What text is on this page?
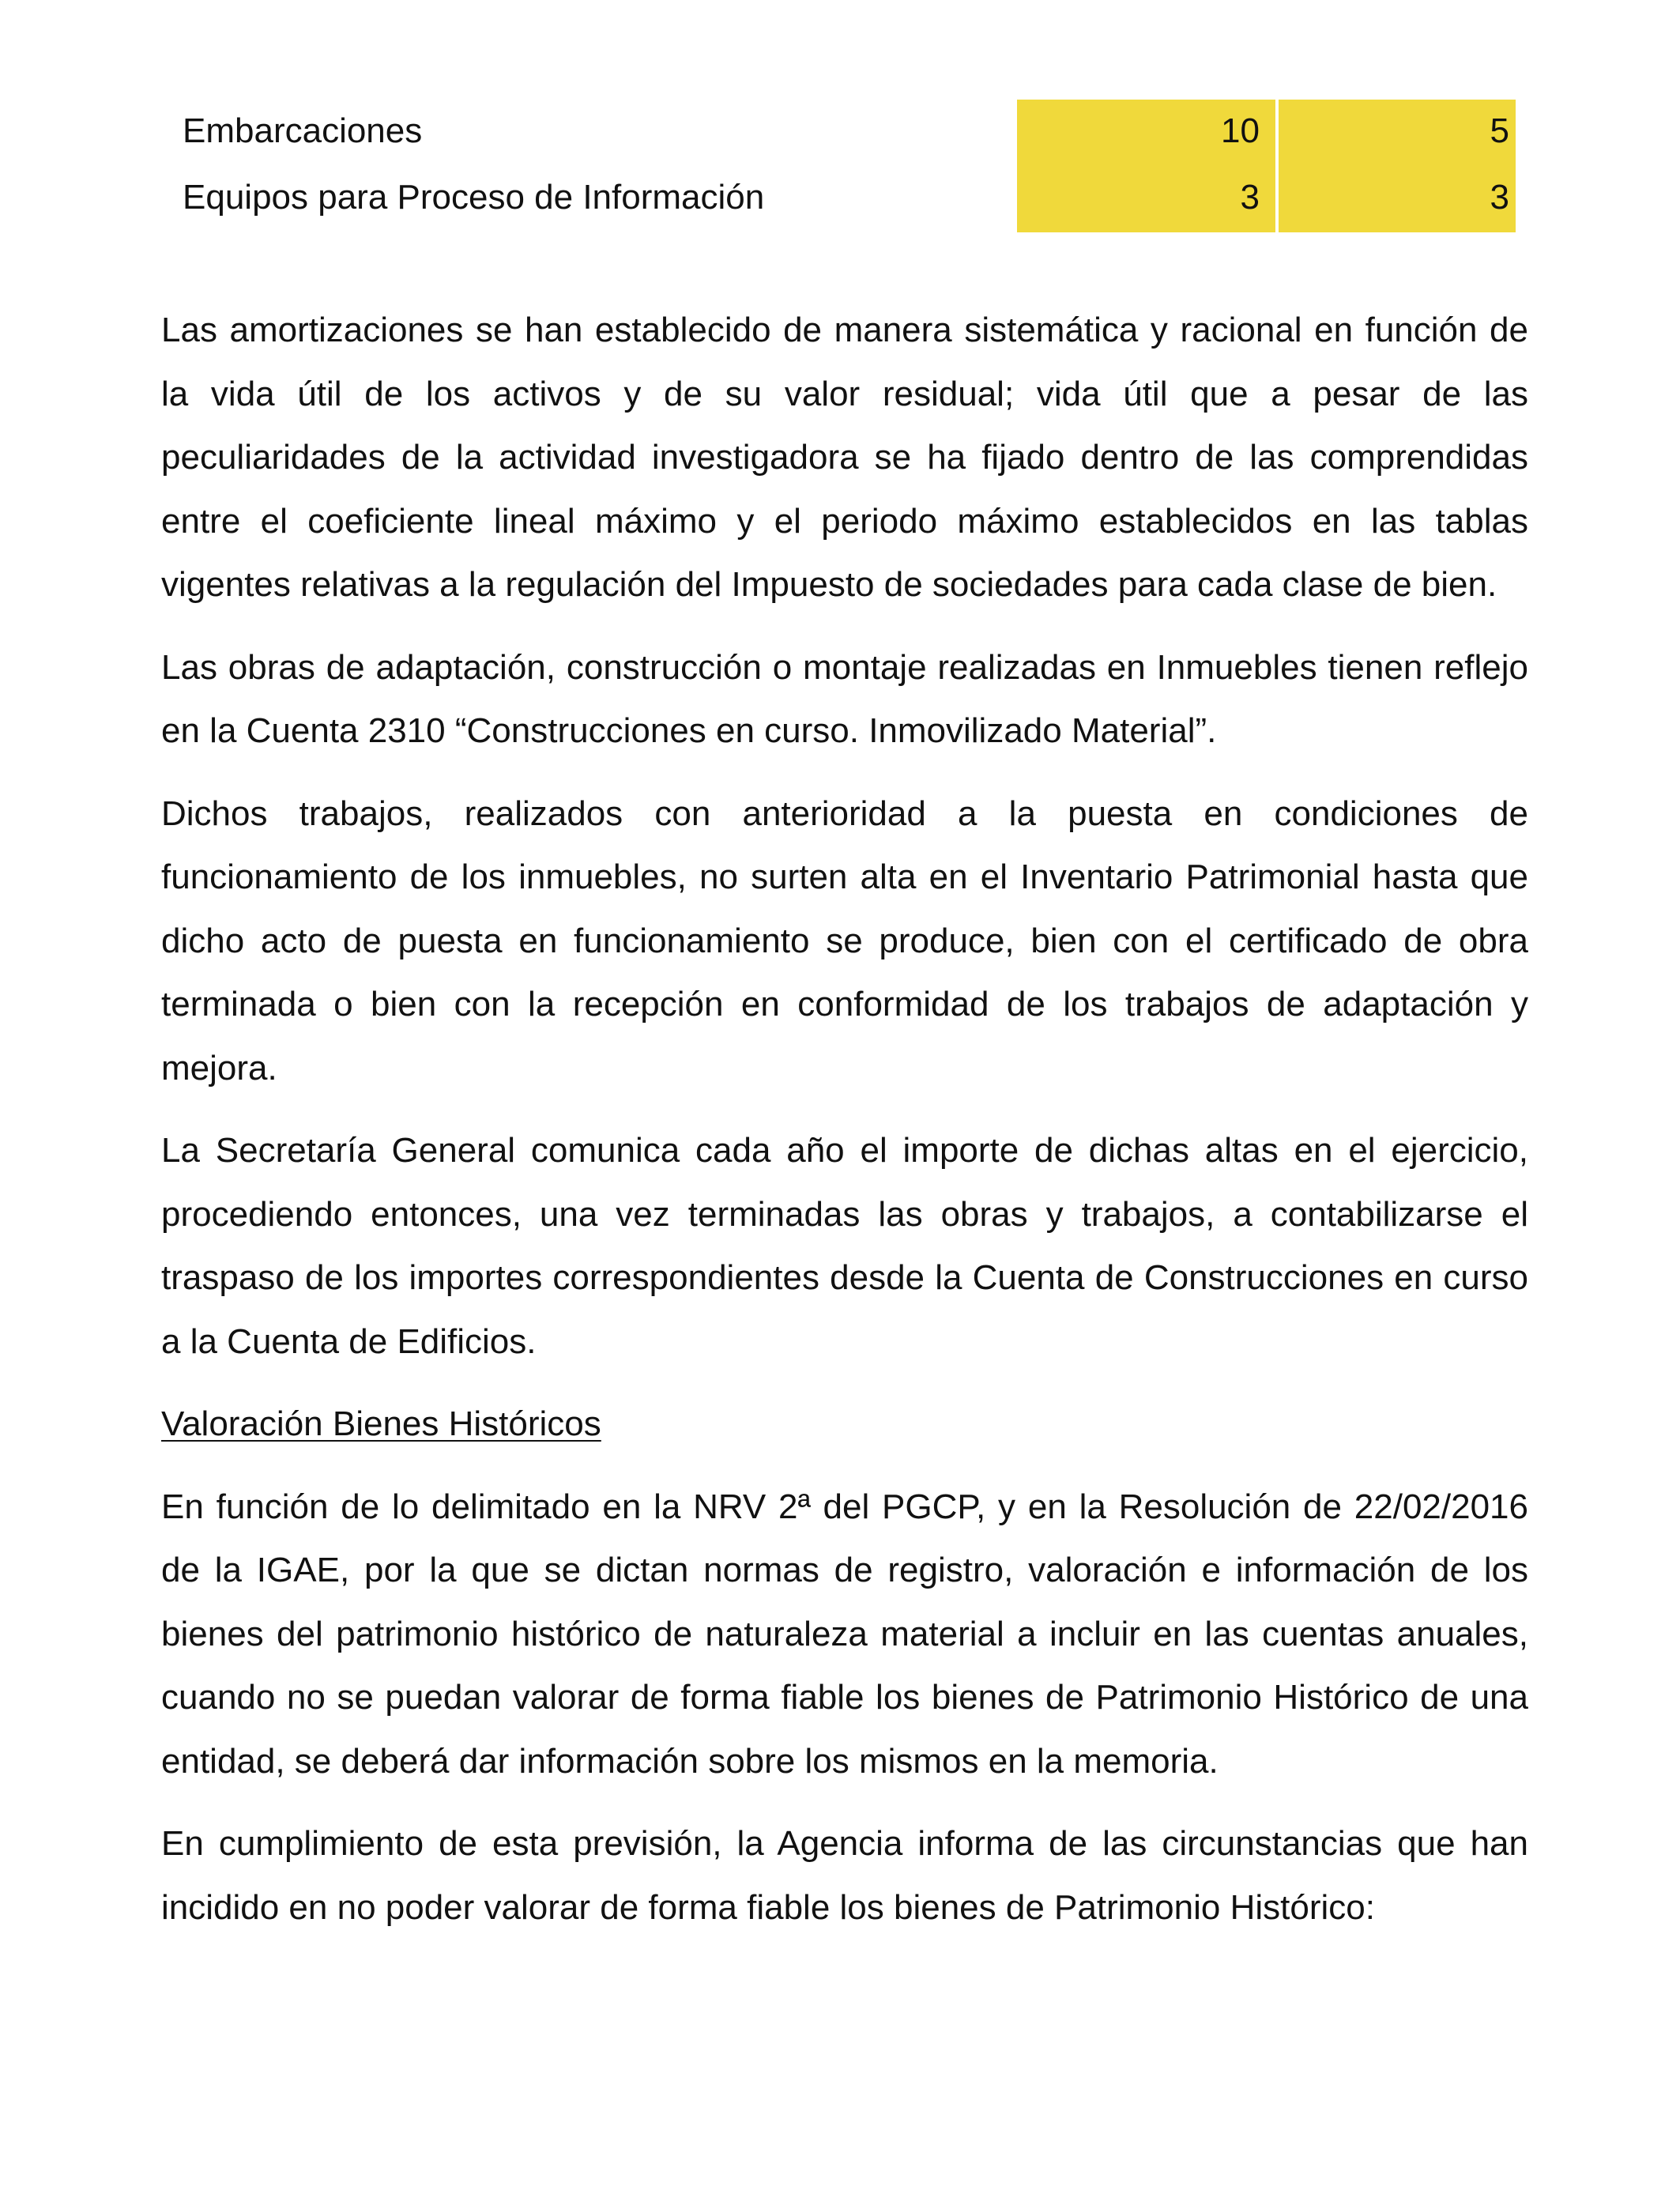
Embarcaciones	10	5
Equipos para Proceso de Información	3	3

Las amortizaciones se han establecido de manera sistemática y racional en función de la vida útil de los activos y de su valor residual; vida útil que a pesar de las peculiaridades de la actividad investigadora se ha fijado dentro de las comprendidas entre el coeficiente lineal máximo y el periodo máximo establecidos en las tablas vigentes relativas a la regulación del Impuesto de sociedades para cada clase de bien.

Las obras de adaptación, construcción o montaje realizadas en Inmuebles tienen reflejo en la Cuenta 2310 “Construcciones en curso. Inmovilizado Material”.

Dichos trabajos, realizados con anterioridad a la puesta en condiciones de funcionamiento de los inmuebles, no surten alta en el Inventario Patrimonial hasta que dicho acto de puesta en funcionamiento se produce, bien con el certificado de obra terminada o bien con la recepción en conformidad de los trabajos de adaptación y mejora.

La Secretaría General comunica cada año el importe de dichas altas en el ejercicio, procediendo entonces, una vez terminadas las obras y trabajos, a contabilizarse el traspaso de los importes correspondientes desde la Cuenta de Construcciones en curso a la Cuenta de Edificios.

Valoración Bienes Históricos

En función de lo delimitado en la NRV 2ª del PGCP, y en la Resolución de 22/02/2016 de la IGAE, por la que se dictan normas de registro, valoración e información de los bienes del patrimonio histórico de naturaleza material a incluir en las cuentas anuales, cuando no se puedan valorar de forma fiable los bienes de Patrimonio Histórico de una entidad, se deberá dar información sobre los mismos en la memoria.

En cumplimiento de esta previsión, la Agencia informa de las circunstancias que han incidido en no poder valorar de forma fiable los bienes de Patrimonio Histórico:
